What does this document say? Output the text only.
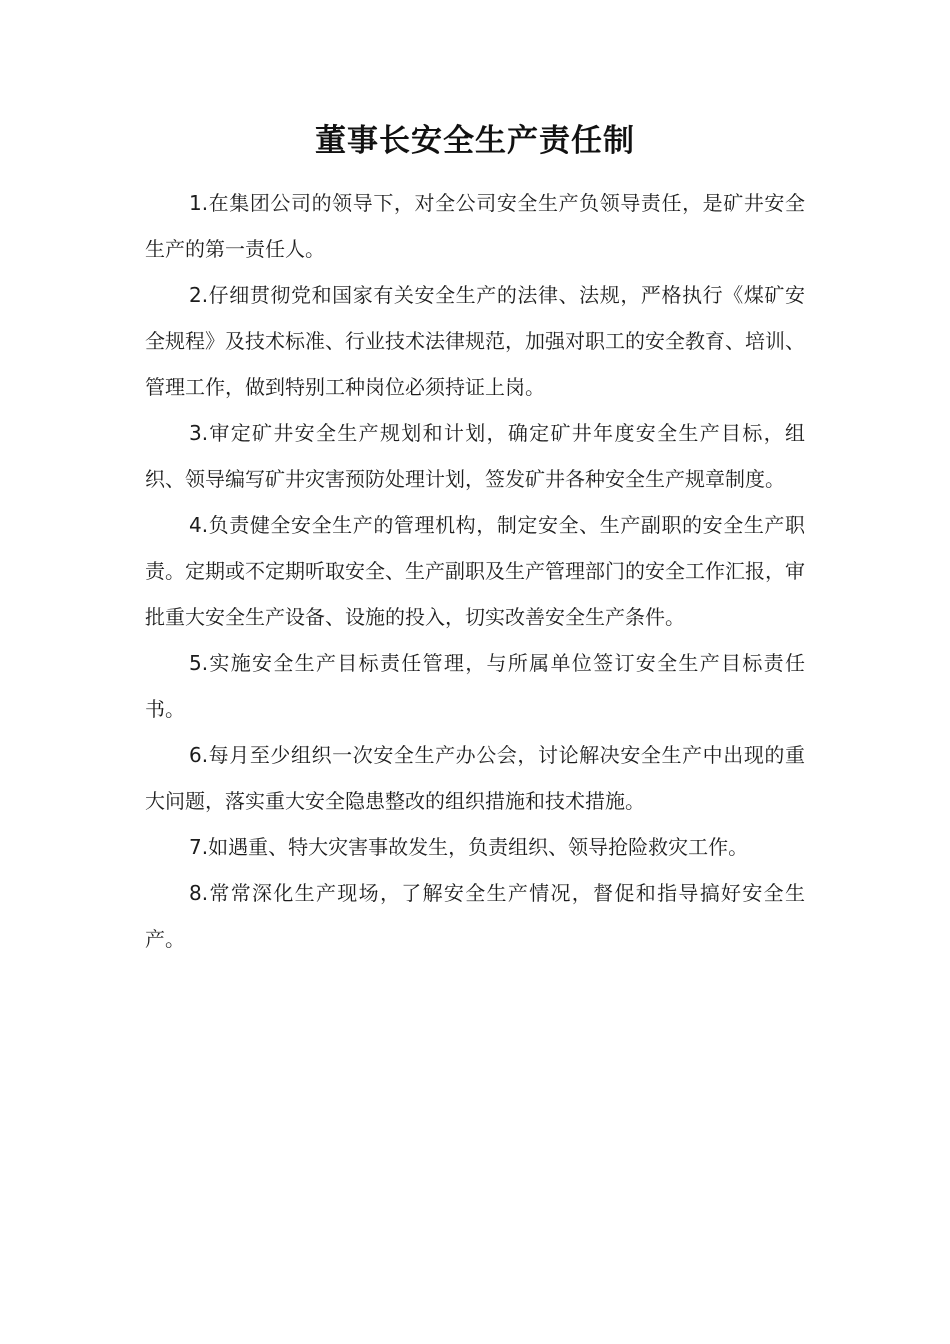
董事长安全生产责任制

1.在集团公司的领导下，对全公司安全生产负领导责任，是矿井安全生产的第一责任人。

2.仔细贯彻党和国家有关安全生产的法律、法规，严格执行《煤矿安全规程》及技术标准、行业技术法律规范，加强对职工的安全教育、培训、管理工作，做到特别工种岗位必须持证上岗。

3.审定矿井安全生产规划和计划，确定矿井年度安全生产目标，组织、领导编写矿井灾害预防处理计划，签发矿井各种安全生产规章制度。

4.负责健全安全生产的管理机构，制定安全、生产副职的安全生产职责。定期或不定期听取安全、生产副职及生产管理部门的安全工作汇报，审批重大安全生产设备、设施的投入，切实改善安全生产条件。

5.实施安全生产目标责任管理，与所属单位签订安全生产目标责任书。

6.每月至少组织一次安全生产办公会，讨论解决安全生产中出现的重大问题，落实重大安全隐患整改的组织措施和技术措施。

7.如遇重、特大灾害事故发生，负责组织、领导抢险救灾工作。

8.常常深化生产现场，了解安全生产情况，督促和指导搞好安全生产。
